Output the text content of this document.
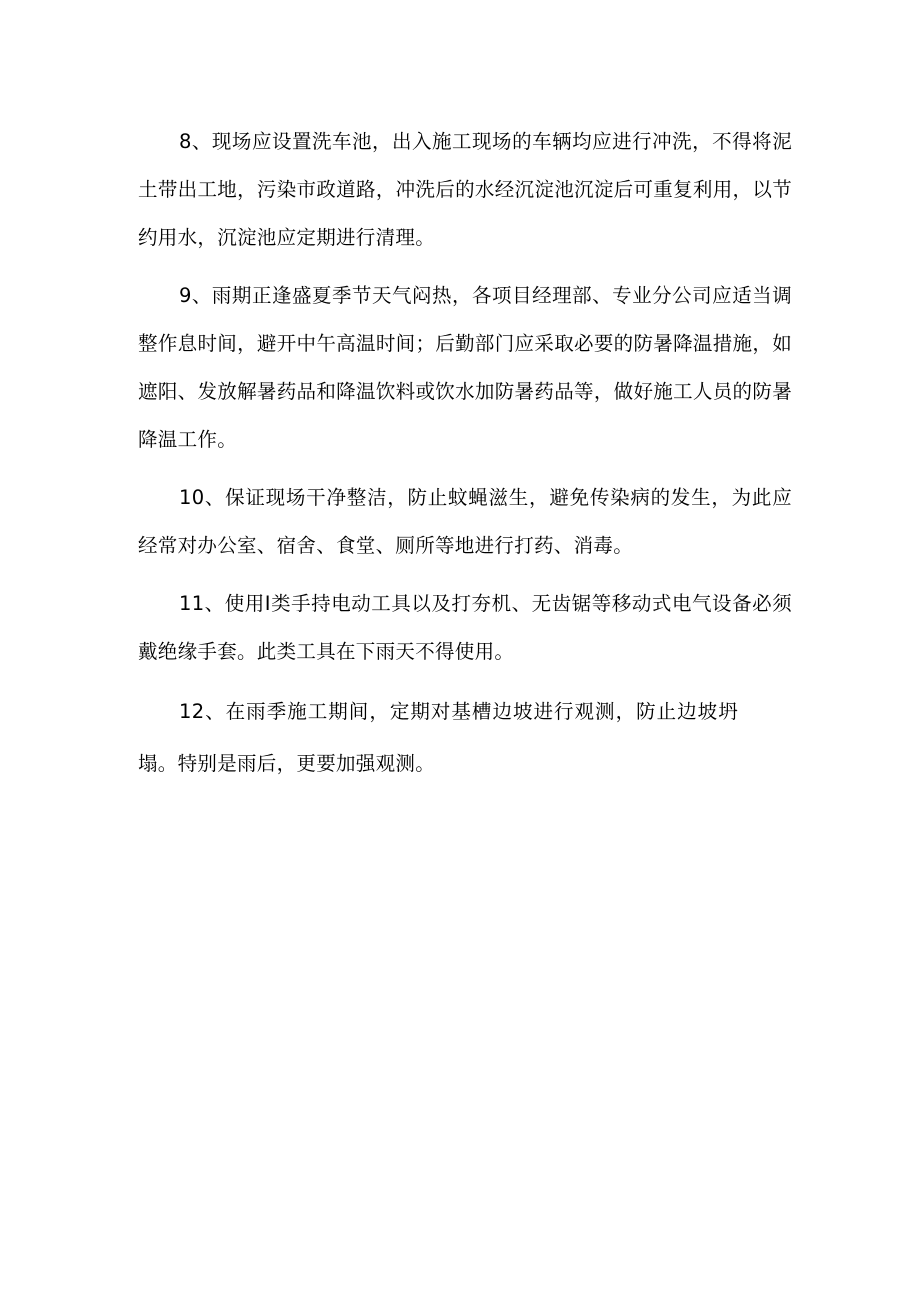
8、现场应设置洗车池，出入施工现场的车辆均应进行冲洗，不得将泥土带出工地，污染市政道路，冲洗后的水经沉淀池沉淀后可重复利用，以节约用水，沉淀池应定期进行清理。

9、雨期正逢盛夏季节天气闷热，各项目经理部、专业分公司应适当调整作息时间，避开中午高温时间；后勤部门应采取必要的防暑降温措施，如遮阳、发放解暑药品和降温饮料或饮水加防暑药品等，做好施工人员的防暑降温工作。

10、保证现场干净整洁，防止蚊蝇滋生，避免传染病的发生，为此应经常对办公室、宿舍、食堂、厕所等地进行打药、消毒。

11、使用Ⅰ类手持电动工具以及打夯机、无齿锯等移动式电气设备必须戴绝缘手套。此类工具在下雨天不得使用。

12、在雨季施工期间，定期对基槽边坡进行观测，防止边坡坍塌。特别是雨后，更要加强观测。
